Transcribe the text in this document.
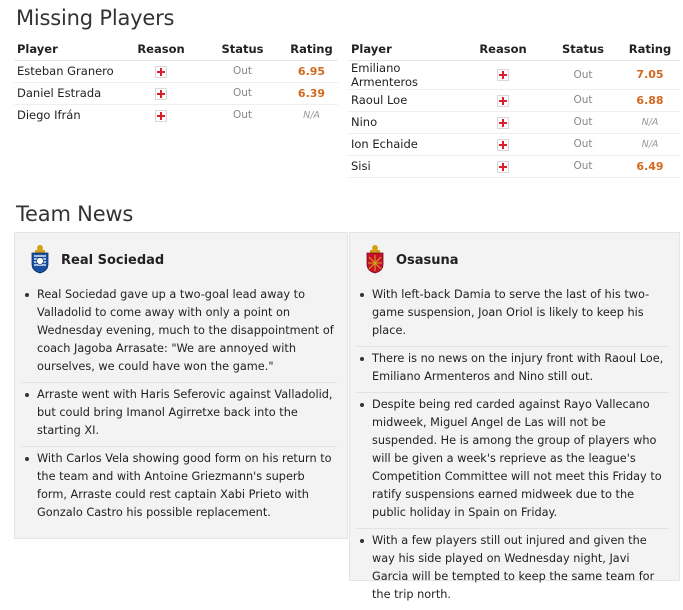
Missing Players
Player	Reason	Status	Rating
Esteban Granero		Out	6.95
Daniel Estrada		Out	6.39
Diego Ifrán		Out	N/A
Player	Reason	Status	Rating
Emiliano Armenteros		Out	7.05
Raoul Loe		Out	6.88
Nino		Out	N/A
Ion Echaide		Out	N/A
Sisi		Out	6.49
Team News
Real Sociedad
Real Sociedad gave up a two-goal lead away to Valladolid to come away with only a point on Wednesday evening, much to the disappointment of coach Jagoba Arrasate: "We are annoyed with ourselves, we could have won the game."
Arraste went with Haris Seferovic against Valladolid, but could bring Imanol Agirretxe back into the starting XI.
With Carlos Vela showing good form on his return to the team and with Antoine Griezmann's superb form, Arraste could rest captain Xabi Prieto with Gonzalo Castro his possible replacement.
Osasuna
With left-back Damia to serve the last of his two-game suspension, Joan Oriol is likely to keep his place.
There is no news on the injury front with Raoul Loe, Emiliano Armenteros and Nino still out.
Despite being red carded against Rayo Vallecano midweek, Miguel Angel de Las will not be suspended. He is among the group of players who will be given a week's reprieve as the league's Competition Committee will not meet this Friday to ratify suspensions earned midweek due to the public holiday in Spain on Friday.
With a few players still out injured and given the way his side played on Wednesday night, Javi Garcia will be tempted to keep the same team for the trip north.
